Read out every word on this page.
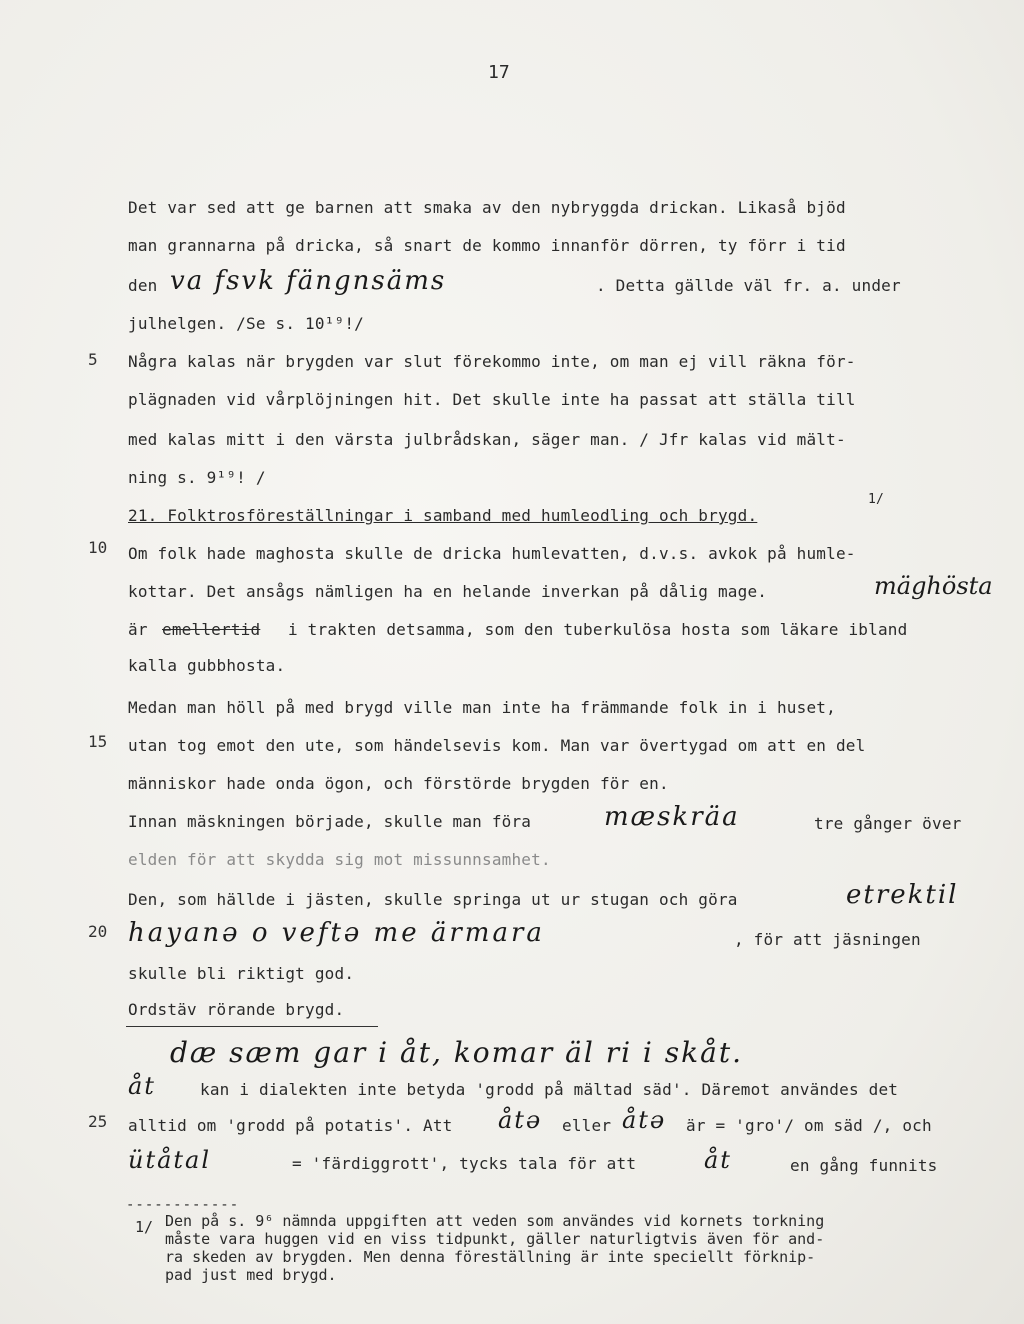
17
5
10
15
20
25
Det var sed att ge barnen att smaka av den nybryggda drickan. Likaså bjöd
man grannarna på dricka, så snart de kommo innanför dörren, ty förr i tid
den va fsvk fängnsäms	. Detta gällde väl fr. a. under
julhelgen. /Se s. 10¹⁹!/
Några kalas när brygden var slut förekommo inte, om man ej vill räkna för-
plägnaden vid vårplöjningen hit. Det skulle inte ha passat att ställa till
med kalas mitt i den värsta julbrådskan, säger man. / Jfr kalas vid mält-
ning s. 9¹⁹! /
21. Folktrosföreställningar i samband med humleodling och brygd.
1/
Om folk hade maghosta skulle de dricka humlevatten, d.v.s. avkok på humle-
kottar. Det ansågs nämligen ha en helande inverkan på dålig mage.	mäghösta
är emellertid i trakten detsamma, som den tuberkulösa hosta som läkare ibland
kalla gubbhosta.
Medan man höll på med brygd ville man inte ha främmande folk in i huset,
utan tog emot den ute, som händelsevis kom. Man var övertygad om att en del
människor hade onda ögon, och förstörde brygden för en.
Innan mäskningen började, skulle man föra	mæskräa	tre gånger över
elden för att skydda sig mot missunnsamhet.
Den, som hällde i jästen, skulle springa ut ur stugan och göra	etrektil
hayanə o veftə me ärmara	, för att jäsningen
skulle bli riktigt god.
Ordstäv rörande brygd.
dæ sæm gar i åt, komar äl ri i skåt.
åt	kan i dialekten inte betyda 'grodd på mältad säd'. Däremot användes det
alltid om 'grodd på potatis'. Att åtə eller åtə är = 'gro'/ om säd /, och
ütåtal	= 'färdiggrott', tycks tala för att	åt	en gång funnits
------------
1/ Den på s. 9⁶ nämnda uppgiften att veden som användes vid kornets torkning
måste vara huggen vid en viss tidpunkt, gäller naturligtvis även för and-
ra skeden av brygden. Men denna föreställning är inte speciellt förknip-
pad just med brygd.
